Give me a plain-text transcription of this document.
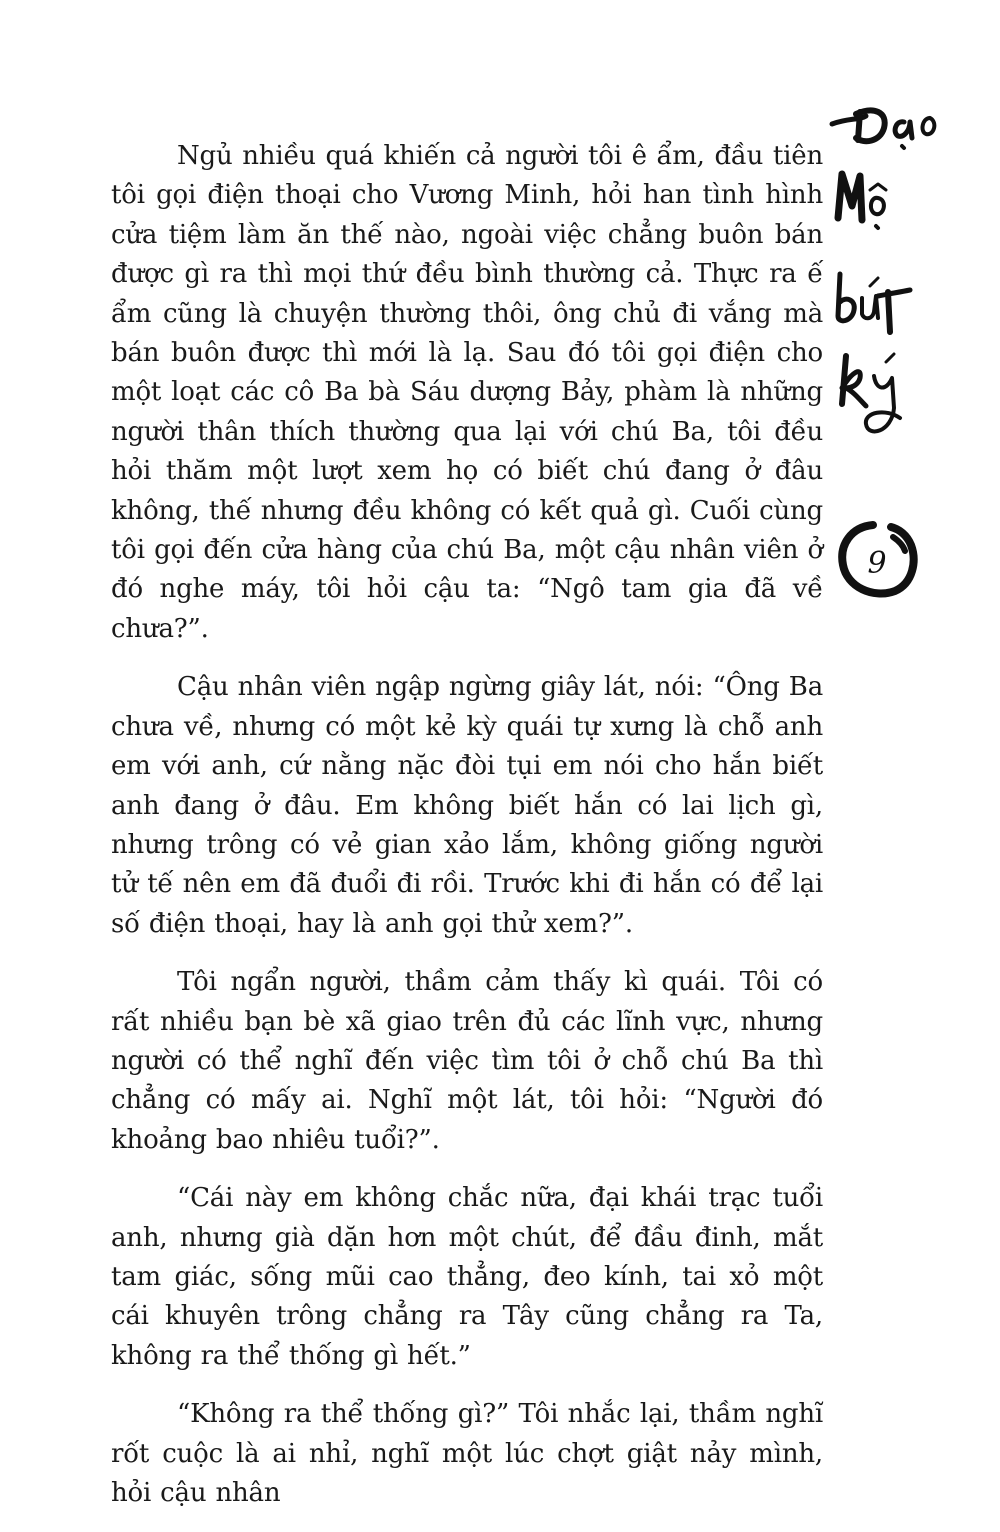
Ngủ nhiều quá khiến cả người tôi ê ẩm, đầu tiên tôi gọi điện thoại cho Vương Minh, hỏi han tình hình cửa tiệm làm ăn thế nào, ngoài việc chẳng buôn bán được gì ra thì mọi thứ đều bình thường cả. Thực ra ế ẩm cũng là chuyện thường thôi, ông chủ đi vắng mà bán buôn được thì mới là lạ. Sau đó tôi gọi điện cho một loạt các cô Ba bà Sáu dượng Bảy, phàm là những người thân thích thường qua lại với chú Ba, tôi đều hỏi thăm một lượt xem họ có biết chú đang ở đâu không, thế nhưng đều không có kết quả gì. Cuối cùng tôi gọi đến cửa hàng của chú Ba, một cậu nhân viên ở đó nghe máy, tôi hỏi cậu ta: “Ngô tam gia đã về chưa?”.

Cậu nhân viên ngập ngừng giây lát, nói: “Ông Ba chưa về, nhưng có một kẻ kỳ quái tự xưng là chỗ anh em với anh, cứ nằng nặc đòi tụi em nói cho hắn biết anh đang ở đâu. Em không biết hắn có lai lịch gì, nhưng trông có vẻ gian xảo lắm, không giống người tử tế nên em đã đuổi đi rồi. Trước khi đi hắn có để lại số điện thoại, hay là anh gọi thử xem?”.

Tôi ngẩn người, thầm cảm thấy kì quái. Tôi có rất nhiều bạn bè xã giao trên đủ các lĩnh vực, nhưng người có thể nghĩ đến việc tìm tôi ở chỗ chú Ba thì chẳng có mấy ai. Nghĩ một lát, tôi hỏi: “Người đó khoảng bao nhiêu tuổi?”.

“Cái này em không chắc nữa, đại khái trạc tuổi anh, nhưng già dặn hơn một chút, để đầu đinh, mắt tam giác, sống mũi cao thẳng, đeo kính, tai xỏ một cái khuyên trông chẳng ra Tây cũng chẳng ra Ta, không ra thể thống gì hết.”

“Không ra thể thống gì?” Tôi nhắc lại, thầm nghĩ rốt cuộc là ai nhỉ, nghĩ một lúc chợt giật nảy mình, hỏi cậu nhân

9
